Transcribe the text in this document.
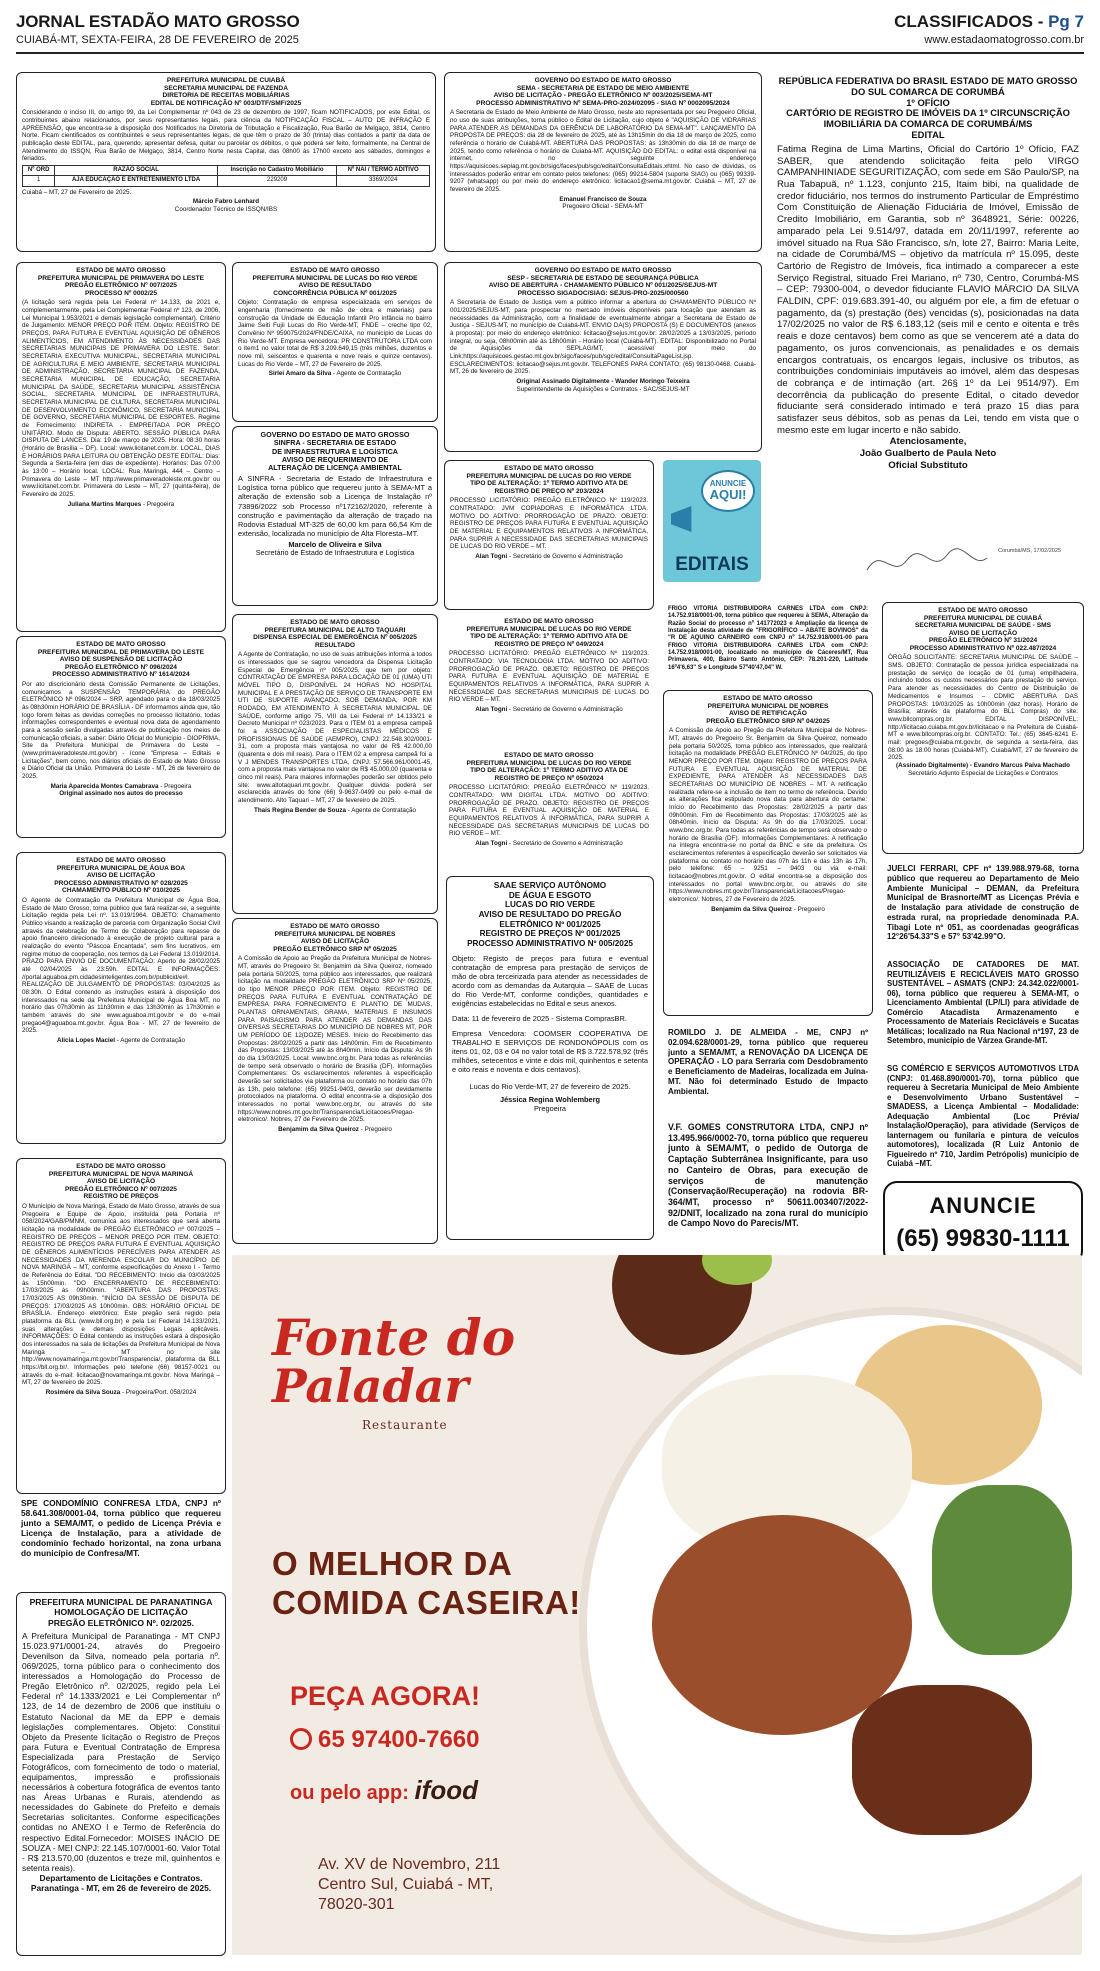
JORNAL ESTADÃO MATO GROSSO
CUIABÁ-MT, SEXTA-FEIRA, 28 DE FEVEREIRO de 2025
CLASSIFICADOS - Pg 7
www.estadaomatogrosso.com.br
PREFEITURA MUNICIPAL DE CUIABÁ
SECRETARIA MUNICIPAL DE FAZENDA
DIRETORIA DE RECEITAS MOBILIÁRIAS
EDITAL DE NOTIFICAÇÃO Nº 003/DTF/SMF/2025
Considerando o inciso III, do artigo 99, da Lei Complementar nº 043 de 23 de dezembro de 1997, ficam NOTIFICADOS, por este Edital, os contribuintes abaixo relacionados, por seus representantes legais, para ciência da NOTIFICAÇÃO FISCAL – AUTO DE INFRAÇÃO E APREENSÃO, que encontra-se à disposição dos Notificados na Diretoria de Tributação e Fiscalização, Rua Barão de Melgaço, 3814, Centro Norte. Ficam cientificados os contribuintes e seus representantes legais, de que têm o prazo de 30 (trinta) dias contados a partir da data de publicação deste EDITAL, para, querendo, apresentar defesa, quitar ou parcelar os débitos, o que poderá ser feito, formalmente, na Central de Atendimento do ISSQN, Rua Barão de Melgaço, 3814, Centro Norte nesta Capital, das 08h00 às 17h00 exceto aos sábados, domingos e feriados.
Nº ORD	RAZÃO SOCIAL	Inscrição no Cadastro Mobiliário	Nº NAI / TERMO ADITIVO
1	AJA EDUCAÇÃO E ENTRETENIMENTO LTDA	229209	3369/2024
Cuiabá – MT, 27 de Fevereiro de 2025.
Márcio Fabro Lenhard
Coordenador Técnico de ISSQN/IBS
ESTADO DE MATO GROSSO
PREFEITURA MUNICIPAL DE PRIMAVERA DO LESTE
PREGÃO ELETRÔNICO Nº 007/2025
PROCESSO Nº 0002/25
(A licitação será regida pela Lei Federal nº 14.133, de 2021 e, complementarmente, pela Lei Complementar Federal nº 123, de 2006, Lei Municipal 1.953/2021 e demais legislação complementar). Critério de Julgamento: MENOR PREÇO POR ITEM. Objeto: REGISTRO DE PREÇOS, PARA FUTURA E EVENTUAL AQUISIÇÃO DE GÊNEROS ALIMENTÍCIOS, EM ATENDIMENTO ÀS NECESSIDADES DAS SECRETARIAS MUNICIPAIS DE PRIMAVERA DO LESTE. Setor: SECRETARIA EXECUTIVA MUNICIPAL, SECRETARIA MUNICIPAL DE AGRICULTURA E MEIO AMBIENTE, SECRETARIA MUNICIPAL DE ADMINISTRAÇÃO, SECRETARIA MUNICIPAL DE FAZENDA, SECRETARIA MUNICIPAL DE EDUCAÇÃO, SECRETARIA MUNICIPAL DA SAÚDE, SECRETARIA MUNICIPAL ASSISTÊNCIA SOCIAL, SECRETARIA MUNICIPAL DE INFRAESTRUTURA, SECRETARIA MUNICIPAL DE CULTURA, SECRETARIA MUNICIPAL DE DESENVOLVIMENTO ECONÔMICO, SECRETARIA MUNICIPAL DE GOVERNO, SECRETARIA MUNICIPAL DE ESPORTES. Regime de Fornecimento: INDIRETA - EMPREITADA POR PREÇO UNITÁRIO. Modo de Disputa: ABERTO. SESSÃO PÚBLICA PARA DISPUTA DE LANCES. Dia: 19 de março de 2025. Hora: 08:30 horas (Horário de Brasília – DF). Local: www.licitanet.com.br. LOCAL, DIAS E HORÁRIOS PARA LEITURA OU OBTENÇÃO DESTE EDITAL: Dias: Segunda a Sexta-feira (em dias de expediente). Horários: Das 07:00 às 13:00 – Horário local. LOCAL: Rua Maringá, 444 – Centro – Primavera do Leste – MT http://www.primaveradoleste.mt.gov.br ou www.licitanet.com.br. Primavera do Leste – MT, 27 (quinta-feira), de Fevereiro de 2025.
Juliana Martins Marques - Pregoeira
ESTADO DE MATO GROSSO
PREFEITURA MUNICIPAL DE PRIMAVERA DO LESTE
AVISO DE SUSPENSÃO DE LICITAÇÃO
PREGÃO ELETRÔNICO Nº 096/2024
PROCESSO ADMINISTRATIVO Nº 1614/2024
Por ato discricionário desta Comissão Permanente de Licitações, comunicamos a SUSPENSÃO TEMPORÁRIA do PREGÃO ELETRÔNICO Nº 096/2024 – SRP, agendado para o dia 18/03/2025 às 08h30min HORÁRIO DE BRASÍLIA - DF informamos ainda que, tão logo forem feitas as devidas correções no processo licitatório, todas informações correspondentes e eventual nova data de agendamento para a sessão serão divulgadas através de publicação nos meios de comunicação oficiais, a saber: Diário Oficial do Município - DIOPRIMA, Site da Prefeitura Municipal de Primavera do Leste – (www.primaveradoleste.mt.gov.br) - ícone "Empresa – Editais e Licitações", bem como, nos diários oficiais do Estado de Mato Grosso e Diário Oficial da União. Primavera do Leste - MT, 26 de fevereiro de 2025.
Maria Aparecida Montes Camabrava - Pregoeira
Original assinado nos autos do processo
ESTADO DE MATO GROSSO
PREFEITURA MUNICIPAL DE ÁGUA BOA
AVISO DE LICITAÇÃO
PROCESSO ADMINISTRATIVO Nº 028/2025
CHAMAMENTO PÚBLICO Nº 010/2025
O Agente de Contratação da Prefeitura Municipal de Água Boa, Estado de Mato Grosso, torna público que fará realizar-se, a seguinte Licitação regida pela Lei nº. 13.019/1964. OBJETO: Chamamento Público visando a realização de parceria com Organização Social Civil através da celebração de Termo de Colaboração para repasse de apoio financeiro direcionado à execução de projeto cultural para a realização do evento "Páscoa Encantada", sem fins lucrativos, em regime mútuo de cooperação, nos termos da Lei Federal 13.019/2014. PRAZO PARA ENVIO DE DOCUMENTAÇÃO: Aperto de 28/02/2025 até 02/04/2025 às 23:59h. EDITAL E INFORMAÇÕES: //portal.aguaboa.pm.cidadesinteligentes.com.br/publicid/e#l. REALIZAÇÃO DE JULGAMENTO DE PROPOSTAS: 03/04/2025 às 08:30h. O Edital contendo as instruções estará à disposição dos interessados na sede da Prefeitura Municipal de Água Boa MT, no horário das 07h30min às 11h30min e das 13h30min às 17h30min e também através do site www.aguaboa.mt.gov.br e do e-mail pregao4@aguaboa.mt.gov.br. Água Boa - MT, 27 de fevereiro de 2025.
Alicia Lopes Maciel - Agente de Contratação
ESTADO DE MATO GROSSO
PREFEITURA MUNICIPAL DE NOVA MARINGÁ
AVISO DE LICITAÇÃO
PREGÃO ELETRÔNICO Nº 007/2025
REGISTRO DE PREÇOS
O Município de Nova Maringá, Estado de Mato Grosso, através de sua Pregoeira e Equipe de Apoio, instituída pela Portaria nº 058/2024/GAB/PMNM, comunica aos interessados que será aberta licitação na modalidade de PREGÃO ELETRÔNICO nº 007/2025 – REGISTRO DE PREÇOS – MENOR PREÇO POR ITEM. OBJETO: REGISTRO DE PREÇOS PARA FUTURA E EVENTUAL AQUISIÇÃO DE GÊNEROS ALIMENTÍCIOS PERECÍVEIS PARA ATENDER AS NECESSIDADES DA MERENDA ESCOLAR DO MUNICÍPIO DE NOVA MARINGÁ – MT, conforme especificações do Anexo I - Termo de Referência do Edital. "DO RECEBIMENTO: Início dia 03/03/2025 às 15h00min. "DO ENCERRAMENTO DE RECEBIMENTO: 17/03/2025 às 09h00min. "ABERTURA DAS PROPOSTAS: 17/03/2025 AS 09h30min. "INÍCIO DA SESSÃO DE DISPUTA DE PREÇOS: 17/03/2025 AS 10h00min. OBS: HORÁRIO OFICIAL DE BRASÍLIA. Endereço eletrônico: Este pregão será regido pela plataforma da BLL (www.bll.org.br) e pela Lei Federal 14.133/2021, suas alterações e demais disposições Legais aplicáveis. INFORMAÇÕES: O Edital contendo as instruções estará à disposição dos interessados na sala de licitações da Prefeitura Municipal de Nova Maringá – MT no site http://www.novamaringa.mt.gov.br/Transparencia/, plataforma da BLL https://bll.org.br/. Informações pelo telefone (66) 98157-0021 ou através do e-mail: licitacao@novamaringa.mt.gov.br. Nova Maringá – MT, 27 de fevereiro de 2025.
Rosimére da Silva Souza - Pregoeira/Port. 058/2024
SPE CONDOMÍNIO CONFRESA LTDA, CNPJ nº 58.641.308/0001-04, torna público que requereu junto a SEMA/MT, o pedido de Licença Prévia e Licença de Instalação, para a atividade de condomínio fechado horizontal, na zona urbana do município de Confresa/MT.
PREFEITURA MUNICIPAL DE PARANATINGA
HOMOLOGAÇÃO DE LICITAÇÃO
PREGÃO ELETRÔNICO Nº. 02/2025.
A Prefeitura Municipal de Paranatinga - MT CNPJ 15.023.971/0001-24, através do Pregoeiro Devenilson da Silva, nomeado pela portaria nº. 069/2025, torna público para o conhecimento dos interessados a Homologação do Processo de Pregão Eletrônico nº. 02/2025, regido pela Lei Federal nº 14.1333/2021 e Lei Complementar nº 123, de 14 de dezembro de 2006 que instituiu o Estatuto Nacional da ME da EPP e demais legislações complementares. Objeto: Constitui Objeto da Presente licitação o Registro de Preços para Futura e Eventual Contratação de Empresa Especializada para Prestação de Serviço Fotográficos, com fornecimento de todo o material, equipamentos, impressão e profissionais necessários à cobertura fotográfica de eventos tanto nas Áreas Urbanas e Rurais, atendendo as necessidades do Gabinete do Prefeito e demais Secretarias solicitantes. Conforme especificações contidas no ANEXO I e Termo de Referência do respectivo Edital.Fornecedor: MOISES INÁCIO DE SOUZA - MEI CNPJ: 22.145.107/0001-60. Valor Total - R$ 213.570,00 (duzentos e treze mil, quinhentos e setenta reais).
Departamento de Licitações e Contratos.
Paranatinga - MT, em 26 de fevereiro de 2025.
ESTADO DE MATO GROSSO
PREFEITURA MUNICIPAL DE LUCAS DO RIO VERDE
AVISO DE RESULTADO
CONCORRÊNCIA PÚBLICA Nº 001/2025
Objeto: Contratação de empresa especializada em serviços de engenharia (fornecimento de mão de obra e materiais) para construção da Unidade de Educação Infantil Pro infância no bairro Jaime Seiti Fujii Lucas do Rio Verde-MT, FNDE – creche tipo 02, Convênio Nº 959075/2024/FNDE/CAIXA, no município de Lucas do Rio Verde-MT. Empresa vencedora: PR CONSTRUTORA LTDA com o item1 no valor total de R$ 3.209.649,15 (três milhões, duzentos e nove mil, seiscentos e quarenta e nove reais e quinze centavos). Lucas do Rio Verde – MT, 27 de Fevereiro de 2025.
Sirlei Amaro da Silva - Agente de Contratação
GOVERNO DO ESTADO DE MATO GROSSO
SINFRA - SECRETARIA DE ESTADO
DE INFRAESTRUTURA E LOGÍSTICA
AVISO DE REQUERIMENTO DE
ALTERAÇÃO DE LICENÇA AMBIENTAL
A SINFRA - Secretaria de Estado de Infraestrutura e Logística torna público que requereu junto à SEMA-MT a alteração de extensão sob a Licença de Instalação nº 73896/2022 sob Processo nº172162/2020, referente à construção e pavimentação da alteração de traçado na Rodovia Estadual MT-325 de 60,00 km para 66,54 Km de extensão, localizada no município de Alta Floresta–MT.
Marcelo de Oliveira e Silva
Secretário de Estado de Infraestrutura e Logística
ESTADO DE MATO GROSSO
PREFEITURA MUNICIPAL DE ALTO TAQUARI
DISPENSA ESPECIAL DE EMERGÊNCIA Nº 005/2025
RESULTADO
A Agente de Contratação, no uso de suas atribuições informa a todos os interessados que se sagrou vencedora da Dispensa Licitação Especial de Emergência nº 005/2025, que tem por objeto: CONTRATAÇÃO DE EMPRESA PARA LOCAÇÃO DE 01 (UMA) UTI MÓVEL TIPO D, DISPONÍVEL 24 HORAS NO HOSPITAL MUNICIPAL E A PRESTAÇÃO DE SERVIÇO DE TRANSPORTE EM UTI DE SUPORTE AVANÇADO, SOB DEMANDA, POR KM RODADO, EM ATENDIMENTO À SECRETARIA MUNICIPAL DE SAÚDE, conforme artigo 75, VIII da Lei Federal nº 14.133/21 e Decreto Municipal nº 023/2023. Para o ITEM 01 a empresa campeã foi a ASSOCIAÇÃO DE ESPECIALISTAS MÉDICOS E PROFISSIONAIS DE SAÚDE (AEMPRO), CNPJ: 22.548.302/0001-31, com a proposta mais vantajosa no valor de R$ 42.000,00 (quarenta e dois mil reais). Para o ITEM 02 a empresa campeã foi a V J MENDES TRANSPORTES LTDA, CNPJ: 57.566.961/0001-45, com a proposta mais vantajosa no valor de R$ 45.000,00 (quarenta e cinco mil reais). Para maiores informações poderão ser obtidos pelo site: www.altotaquari.mt.gov.br. Qualquer dúvida poderá ser esclarecida através do fone (66) 9-9637-0499 ou pelo e-mail de atendimento. Alto Taquari – MT, 27 de fevereiro de 2025.
Thais Regina Bender de Souza - Agente de Contratação
ESTADO DE MATO GROSSO
PREFEITURA MUNICIPAL DE NOBRES
AVISO DE LICITAÇÃO
PREGÃO ELETRÔNICO SRP Nº 05/2025
A Comissão de Apoio ao Pregão da Prefeitura Municipal de Nobres-MT, através do Pregoeiro Sr. Benjamim da Silva Queiroz, nomeado pela portaria 50/2025, torna público aos interessados, que realizará licitação na modalidade PREGÃO ELETRÔNICO SRP Nº 05/2025, do tipo MENOR PREÇO POR ITEM. Objeto: REGISTRO DE PREÇOS PARA FUTURA E EVENTUAL CONTRATAÇÃO DE EMPRESA PARA FORNECIMENTO E PLANTIO DE MUDAS, PLANTAS ORNAMENTAIS, GRAMA, MATERIAIS E INSUMOS PARA PAISAGISMO PARA ATENDER AS DEMANDAS DAS DIVERSAS SECRETARIAS DO MUNICÍPIO DE NOBRES MT, POR UM PERÍODO DE 12(DOZE) MESES. Início do Recebimento das Propostas: 28/02/2025 a partir das 14h00min. Fim de Recebimento das Propostas: 13/03/2025 até às 8h40min. Início da Disputa: As 9h do dia 13/03/2025. Local: www.bnc.org.br. Para todas as referências de tempo será observado o horário de Brasília (DF). Informações Complementares: Os esclarecimentos referentes à especificação deverão ser solicitados via plataforma ou contato no horário das 07h às 13h, pelo telefone: (65) 99251-9403, deverão ser devidamente protocolados na plataforma. O edital encontra-se a disposição dos interessados no portal www.bnc.org.br, ou através do site https://www.nobres.mt.gov.br/Transparencia/Licitacoes/Pregao-eletronico/. Nobres, 27 de Fevereiro de 2025.
Benjamim da Silva Queiroz - Pregoeiro
GOVERNO DO ESTADO DE MATO GROSSO
SEMA - SECRETARIA DE ESTADO DE MEIO AMBIENTE
AVISO DE LICITAÇÃO - PREGÃO ELETRÔNICO Nº 003/2025/SEMA-MT
PROCESSO ADMINISTRATIVO Nº SEMA-PRO-2024/02095 - SIAG Nº 0002095/2024
A Secretaria de Estado de Meio Ambiente de Mato Grosso, neste ato representada por seu Pregoeiro Oficial, no uso de suas atribuições, torna público o Edital de Licitação, cujo objeto é "AQUISIÇÃO DE VIDRARIAS PARA ATENDER AS DEMANDAS DA GERÊNCIA DE LABORATÓRIO DA SEMA-MT". LANÇAMENTO DA PROPOSTA DE PREÇOS: dia 28 de fevereiro de 2025, até às 13h15min do dia 18 de março de 2025, como referência o horário de Cuiabá-MT. ABERTURA DAS PROPOSTAS: às 13h30min do dia 18 de março de 2025, tendo como referência o horário de Cuiabá-MT. AQUISIÇÃO DO EDITAL: o edital está disponível na internet, no seguinte endereço https://aquisicoes.seplag.mt.gov.br/sigc/faces/pub/sgc/edital/ConsultaEditais.xhtml. No caso de dúvidas, os interessados poderão entrar em contato pelos telefones: (065) 99214-5804 (suporte SIAG) ou (065) 99339-9207 (whatsapp) ou por meio do endereço eletrônico: licitacao1@sema.mt.gov.br. Cuiabá – MT, 27 de fevereiro de 2025.
Emanuel Francisco de Souza
Pregoeiro Oficial - SEMA-MT
GOVERNO DO ESTADO DE MATO GROSSO
SESP - SECRETARIA DE ESTADO DE SEGURANÇA PÚBLICA
AVISO DE ABERTURA - CHAMAMENTO PÚBLICO Nº 001/2025/SEJUS-MT
PROCESSO SIGADOC/SIAG: SEJUS-PRO-2025/000560
A Secretaria de Estado de Justiça vem a público informar a abertura do CHAMAMENTO PÚBLICO Nº 001/2025/SEJUS-MT, para prospectar no mercado imóveis disponíveis para locação que atendam as necessidades da Administração, com a finalidade de eventualmente abrigar a Secretaria de Estado de Justiça - SEJUS-MT, no município de Cuiabá-MT. ENVIO DA(S) PROPOSTA (S) E DOCUMENTOS (anexos à proposta): por meio do endereço eletrônico: licitacao@sejus.mt.gov.br: 28/02/2025 a 13/03/2025, período integral, ou seja, 08h00min até às 18h00min - Horário local (Cuiabá-MT). EDITAL: Disponibilizado no Portal de Aquisições da SEPLAG/MT, acessível por meio do Link:https://aquisicoes.gestao.mt.gov.br/sigc/faces/pub/sgc/edital/ConsultaPageList.jsp. ESCLARECIMENTOS: licitacao@sejus.mt.gov.br. TELEFONES PARA CONTATO: (65) 98130-0468. Cuiabá-MT, 26 de fevereiro de 2025.
Original Assinado Digitalmente - Wander Moringo Teixeira
Superintendente de Aquisições e Contratos - SAC/SEJUS-MT
ESTADO DE MATO GROSSO
PREFEITURA MUNICIPAL DE LUCAS DO RIO VERDE
TIPO DE ALTERAÇÃO: 1º TERMO ADITIVO ATA DE
REGISTRO DE PREÇO Nº 203/2024
PROCESSO LICITATÓRIO: PREGÃO ELETRÔNICO Nº 119/2023. CONTRATADO: JVM COPIADORAS E INFORMÁTICA LTDA. MOTIVO DO ADITIVO: PRORROGAÇÃO DE PRAZO. OBJETO: REGISTRO DE PREÇOS PARA FUTURA E EVENTUAL AQUISIÇÃO DE MATERIAL E EQUIPAMENTOS RELATIVOS A INFORMÁTICA, PARA SUPRIR A NECESSIDADE DAS SECRETARIAS MUNICIPAIS DE LUCAS DO RIO VERDE – MT.
Alan Togni - Secretário de Governo e Administração
ANUNCIE
AQUI!
EDITAIS
ESTADO DE MATO GROSSO
PREFEITURA MUNICIPAL DE LUCAS DO RIO VERDE
TIPO DE ALTERAÇÃO: 1º TERMO ADITIVO ATA DE
REGISTRO DE PREÇO Nº 049/2024
PROCESSO LICITATÓRIO: PREGÃO ELETRÔNICO Nº 119/2023. CONTRATADO: VIA TECNOLOGIA LTDA. MOTIVO DO ADITIVO: PRORROGAÇÃO DE PRAZO. OBJETO: REGISTRO DE PREÇOS PARA FUTURA E EVENTUAL AQUISIÇÃO DE MATERIAL E EQUIPAMENTOS RELATIVOS A INFORMÁTICA, PARA SUPRIR A NECESSIDADE DAS SECRETARIAS MUNICIPAIS DE LUCAS DO RIO VERDE – MT.
Alan Togni - Secretário de Governo e Administração
ESTADO DE MATO GROSSO
PREFEITURA MUNICIPAL DE LUCAS DO RIO VERDE
TIPO DE ALTERAÇÃO: 1º TERMO ADITIVO ATA DE
REGISTRO DE PREÇO Nº 050/2024
PROCESSO LICITATÓRIO: PREGÃO ELETRÔNICO Nº 119/2023. CONTRATADO: WM DIGITAL LTDA. MOTIVO DO ADITIVO: PRORROGAÇÃO DE PRAZO. OBJETO: REGISTRO DE PREÇOS PARA FUTURA E EVENTUAL AQUISIÇÃO DE MATERIAL E EQUIPAMENTOS RELATIVOS À INFORMÁTICA, PARA SUPRIR A NECESSIDADE DAS SECRETARIAS MUNICIPAIS DE LUCAS DO RIO VERDE – MT.
Alan Togni - Secretário de Governo e Administração
SAAE SERVIÇO AUTÔNOMO
DE ÁGUA E ESGOTO
LUCAS DO RIO VERDE
AVISO DE RESULTADO DO PREGÃO
ELETRÔNICO Nº 001/2025
REGISTRO DE PREÇOS Nº 001/2025
PROCESSO ADMINISTRATIVO Nº 005/2025
Objeto: Registo de preços para futura e eventual contratação de empresa para prestação de serviços de mão de obra terceirizada para atender as necessidades de acordo com as demandas da Autarquia – SAAE de Lucas do Rio Verde-MT, conforme condições, quantidades e exigências estabelecidas no Edital e seus anexos.
Data: 11 de fevereiro de 2025 - Sistema ComprasBR.
Empresa Vencedora: COOMSER COOPERATIVA DE TRABALHO E SERVIÇOS DE RONDONÓPOLIS com os itens 01, 02, 03 e 04 no valor total de R$ 3.722.578,92 (três milhões, setecentos e vinte e dois mil, quinhentos e setenta e oito reais e noventa e dois centavos).
Lucas do Rio Verde-MT, 27 de fevereiro de 2025.
Jéssica Regina Wohlemberg
Pregoeira
REPÚBLICA FEDERATIVA DO BRASIL ESTADO DE MATO GROSSO DO SUL COMARCA DE CORUMBÁ
1º OFÍCIO
CARTÓRIO DE REGISTRO DE IMÓVEIS DA 1º CIRCUNSCRIÇÃO IMOBILIÁRIA DA COMARCA DE CORUMBÁ/MS
EDITAL
Fatima Regina de Lima Martins, Oficial do Cartório 1º Ofício, FAZ SABER, que atendendo solicitação feita pelo VIRGO CAMPANHINIADE SEGURITIZAÇÃO, com sede em São Paulo/SP, na Rua Tabapuã, nº 1.123, conjunto 215, Itaim bibi, na qualidade de credor fiduciário, nos termos do instrumento Particular de Empréstimo Com Constituição de Alienação Fiduciária de Imóvel, Emissão de Credito Imobiliário, em Garantia, sob nº 3648921, Série: 00226, amparado pela Lei 9.514/97, datada em 20/11/1997, referente ao imóvel situado na Rua São Francisco, s/n, lote 27, Bairro: Maria Leite, na cidade de Corumbá/MS – objetivo da matrícula nº 15.095, deste Cartório de Registro de Imóveis, fica intimado a comparecer a este Serviço Registral, situado Frei Mariano, nº 730, Centro, Corumbá-MS – CEP: 79300-004, o devedor fiduciante FLAVIO MÁRCIO DA SILVA FALDIN, CPF: 019.683.391-40, ou alguém por ele, a fim de efetuar o pagamento, da (s) prestação (ões) vencidas (s), posicionadas na data 17/02/2025 no valor de R$ 6.183,12 (seis mil e cento e oitenta e três reais e doze centavos) bem como as que se vencerem até a data do pagamento, os juros convencionais, as penalidades e os demais encargos contratuais, os encargos legais, inclusive os tributos, as contribuições condominiais imputáveis ao imóvel, além das despesas de cobrança e de intimação (art. 26§ 1º da Lei 9514/97). Em decorrência da publicação do presente Edital, o citado devedor fiduciante será considerado intimado e terá prazo 15 dias para satisfazer seus débitos, sob as penas da Lei, tendo em vista que o mesmo este em lugar incerto e não sabido.
Atenciosamente,
João Gualberto de Paula Neto
Oficial Substituto
Corumbá/MS, 17/02/2025
FRIGO VITORIA DISTRIBUIDORA CARNES LTDA com CNPJ: 14.752.918/0001-00, torna público que requereu à SEMA, Alteração da Razão Social do processo nº 141772023 e Ampliação da licença de Instalação desta atividade de "FRIGORÍFICO – ABATE BOVINOS" da "R DE AQUINO CARNEIRO com CNPJ nº 14.752.918/0001-00 para FRIGO VITORIA DISTRIBUIDORA CARNES LTDA com CNPJ: 14.752.918/0001-00, localizado no município de Cáceres/MT, Rua Primavera, 400, Bairro Santo Antônio, CEP: 78.201-220, Latitude 16º4'6,63" S e Longitude 57º40'47,04" W.
ESTADO DE MATO GROSSO
PREFEITURA MUNICIPAL DE NOBRES
AVISO DE RETIFICAÇÃO
PREGÃO ELETRÔNICO SRP Nº 04/2025
A Comissão de Apoio ao Pregão da Prefeitura Municipal de Nobres-MT, através do Pregoeiro Sr. Benjamim da Silva Queiroz, nomeado pela portaria 50/2025, torna público aos interessados, que realizará licitação na modalidade PREGÃO ELETRÔNICO Nº 04/2025, do tipo MENOR PREÇO POR ITEM. Objeto: REGISTRO DE PREÇOS PARA FUTURA E EVENTUAL AQUISIÇÃO DE MATERIAL DE EXPEDIENTE, PARA ATENDER AS NECESSIDADES DAS SECRETARIAS DO MUNICÍPIO DE NOBRES – MT. A retificação realizada refere-se a inclusão de item no termo de referência. Devido as alterações fica estipulado nova data para abertura do certame: Início do Recebimento das Propostas: 28/02/2025 a partir das 09h00min. Fim de Recebimento das Propostas: 17/03/2025 até às 08h40min. Início da Disputa: As 9h do dia 17/03/2025. Local: www.bnc.org.br. Para todas as referências de tempo será observado o horário de Brasília (DF). Informações Complementares: A retificação na íntegra encontra-se no portal da BNC e site da prefeitura. Os esclarecimentos referentes à especificação deverão ser solicitados via plataforma ou contato no horário das 07h às 11h e das 13h às 17h, pelo telefone: 65 – 9251 – 9403 ou via e-mail: licitacao@nobres.mt.gov.br. O edital encontra-se a disposição dos interessados no portal www.bnc.org.br, ou através do site https://www.nobres.mt.gov.br/Transparencia/Licitacoes/Pregao-eletronico/. Nobres, 27 de Fevereiro de 2025.
Benjamim da Silva Queiroz - Pregoeiro
ROMILDO J. DE ALMEIDA - ME, CNPJ nº 02.094.628/0001-29, torna público que requereu junto a SEMA/MT, a RENOVAÇÃO DA LICENÇA DE OPERAÇÃO - LO para Serraria com Desdobramento e Beneficiamento de Madeiras, localizada em Juína-MT. Não foi determinado Estudo de Impacto Ambiental.
V.F. GOMES CONSTRUTORA LTDA, CNPJ nº 13.495.966/0002-70, torna público que requereu junto à SEMA/MT, o pedido de Outorga de Captação Subterrânea Insignificante, para uso no Canteiro de Obras, para execução de serviços de manutenção (Conservação/Recuperação) na rodovia BR-364/MT, processo nº 50611.003407/2022-92/DNIT, localizado na zona rural do município de Campo Novo do Parecis/MT.
ESTADO DE MATO GROSSO
PREFEITURA MUNICIPAL DE CUIABÁ
SECRETARIA MUNICIPAL DE SAÚDE - SMS
AVISO DE LICITAÇÃO
PREGÃO ELETRÔNICO Nº 31/2024
PROCESSO ADMINISTRATIVO Nº 022.487/2024
ÓRGÃO SOLICITANTE: SECRETARIA MUNICIPAL DE SAÚDE – SMS. OBJETO: Contratação de pessoa jurídica especializada na prestação de serviço de locação de 01 (uma) empilhadeira, incluindo todos os custos necessários para prestação do serviço. Para atender as necessidades do Centro de Distribuição de Medicamentos e Insumos – CDMIC ABERTURA DAS PROPOSTAS: 19/03/2025 às 10h00min (dez horas). Horário de Brasília; através da plataforma do BLL Compras) do site: www.bllcompras.org.br. EDITAL DISPONÍVEL: http://licitacao.cuiaba.mt.gov.br/licitacao e na Prefeitura de Cuiabá-MT e www.bllcompras.org.br. CONTATO: Tel.: (65) 3645-6241 E-mail: pregoes@cuiaba.mt.gov.br, de segunda a sexta-feira, das 08:00 às 18:00 horas (Cuiabá-MT). Cuiabá/MT, 27 de fevereiro de 2025.
(Assinado Digitalmente) - Evandro Marcus Paiva Machado
Secretário Adjunto Especial de Licitações e Contratos
JUELCI FERRARI, CPF nº 139.988.979-68, torna público que requereu ao Departamento de Meio Ambiente Municipal – DEMAN, da Prefeitura Municipal de Brasnorte/MT as Licenças Prévia e de Instalação para atividade de construção de estrada rural, na propriedade denominada P.A. Tibagi Lote nº 051, as coordenadas geográficas 12°26'54.33"S e 57° 53'42.99"O.
ASSOCIAÇÃO DE CATADORES DE MAT. REUTILIZÁVEIS E RECICLÁVEIS MATO GROSSO SUSTENTÁVEL – ASMATS (CNPJ: 24.342.022/0001-06), torna público que requereu à SEMA-MT, o Licenciamento Ambiental (LP/LI) para atividade de Comércio Atacadista Armazenamento e Processamento de Materiais Recicláveis e Sucatas Metálicas; localizado na Rua Nacional nº197, 23 de Setembro, município de Várzea Grande-MT.
SG COMÉRCIO E SERVIÇOS AUTOMOTIVOS LTDA (CNPJ: 01.468.890/0001-70), torna público que requereu à Secretaria Municipal de Meio Ambiente e Desenvolvimento Urbano Sustentável – SMADESS, a Licença Ambiental – Modalidade: Adequação Ambiental (Loc Prévia/ Instalação/Operação), para atividade (Serviços de lanternagem ou funilaria e pintura de veículos automotores), localizada (R Luiz Antonio de Figueiredo nº 710, Jardim Petrópolis) município de Cuiabá –MT.
ANUNCIE
(65) 99830-1111
Fonte do
Paladar
Restaurante
O MELHOR DA
COMIDA CASEIRA!
PEÇA AGORA!
65 97400-7660
ou pelo app: ifood
Av. XV de Novembro, 211
Centro Sul, Cuiabá - MT,
78020-301
